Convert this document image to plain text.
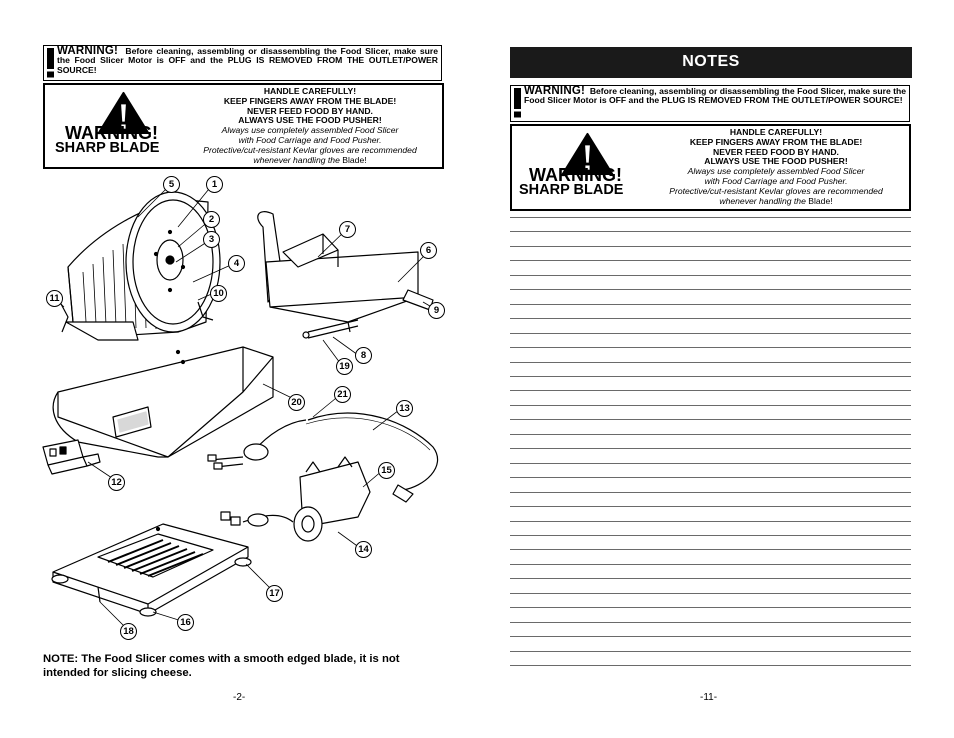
WARNING! Before cleaning, assembling or disassembling the Food Slicer, make sure the Food Slicer Motor is OFF and the PLUG IS REMOVED FROM THE OUTLET/POWER SOURCE!
WARNING!
SHARP BLADE
HANDLE CAREFULLY!
KEEP FINGERS AWAY FROM THE BLADE!
NEVER FEED FOOD BY HAND.
ALWAYS USE THE FOOD PUSHER!
Always use completely assembled Food Slicer
with Food Carriage and Food Pusher.
Protective/cut-resistant Kevlar gloves are recommended
whenever handling the Blade!
5	1
2
3
4
10
11
7
6
9
8
19
20
21
13
12
15
14
17
16
18
NOTE: The Food Slicer comes with a smooth edged blade, it is not intended for slicing cheese.
-2-
NOTES
WARNING! Before cleaning, assembling or disassembling the Food Slicer, make sure the Food Slicer Motor is OFF and the PLUG IS REMOVED FROM THE OUTLET/POWER SOURCE!
WARNING!
SHARP BLADE
HANDLE CAREFULLY!
KEEP FINGERS AWAY FROM THE BLADE!
NEVER FEED FOOD BY HAND.
ALWAYS USE THE FOOD PUSHER!
Always use completely assembled Food Slicer
with Food Carriage and Food Pusher.
Protective/cut-resistant Kevlar gloves are recommended
whenever handling the Blade!
-11-
